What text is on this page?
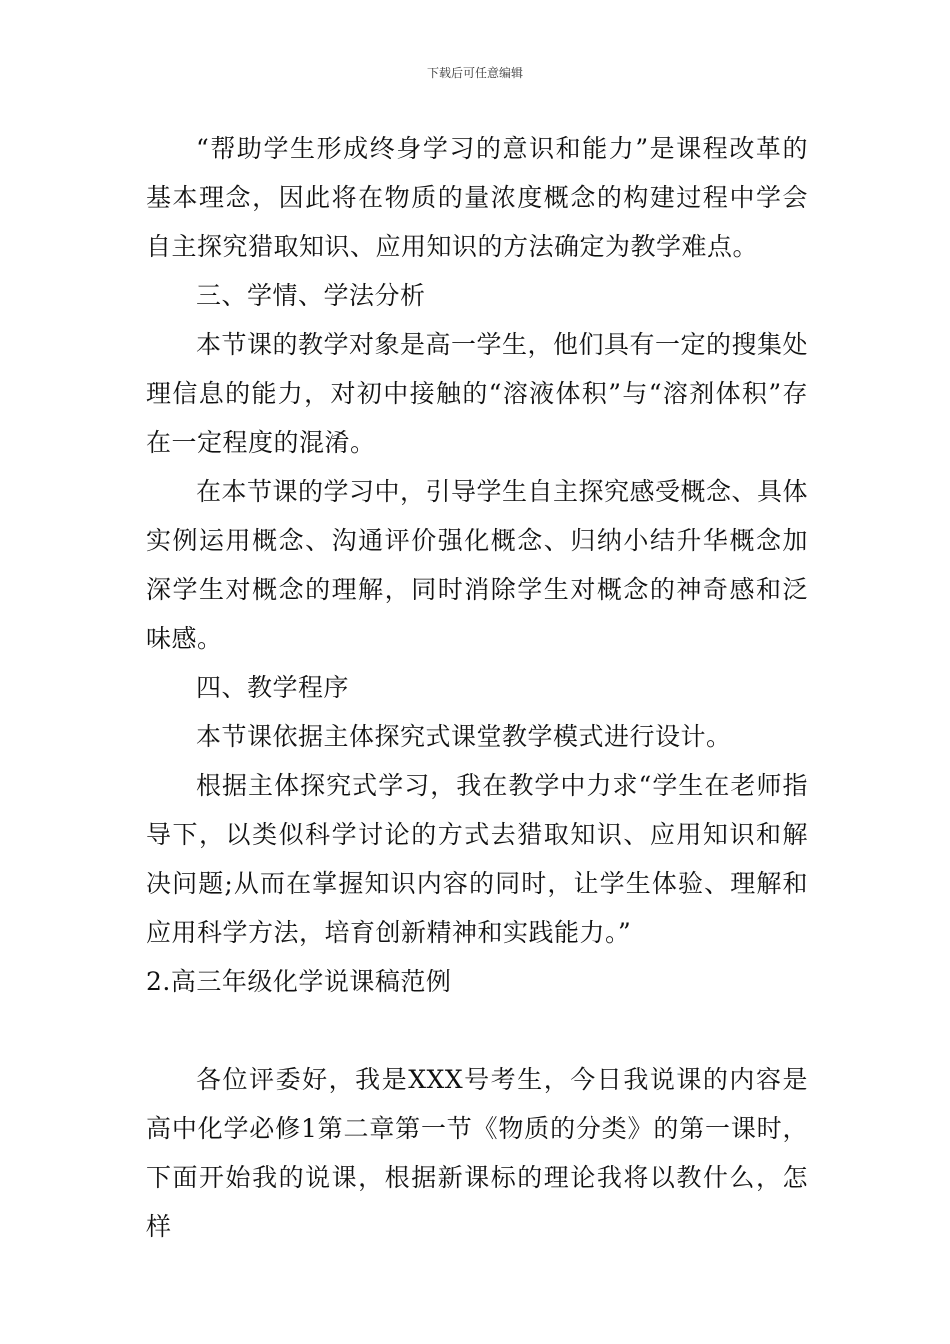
下载后可任意编辑

“帮助学生形成终身学习的意识和能力”是课程改革的基本理念，因此将在物质的量浓度概念的构建过程中学会自主探究猎取知识、应用知识的方法确定为教学难点。

三、学情、学法分析

本节课的教学对象是高一学生，他们具有一定的搜集处理信息的能力，对初中接触的“溶液体积”与“溶剂体积”存在一定程度的混淆。

在本节课的学习中，引导学生自主探究感受概念、具体实例运用概念、沟通评价强化概念、归纳小结升华概念加深学生对概念的理解，同时消除学生对概念的神奇感和泛味感。

四、教学程序

本节课依据主体探究式课堂教学模式进行设计。

根据主体探究式学习，我在教学中力求“学生在老师指导下，以类似科学讨论的方式去猎取知识、应用知识和解决问题;从而在掌握知识内容的同时，让学生体验、理解和应用科学方法，培育创新精神和实践能力。”

2.高三年级化学说课稿范例

各位评委好，我是XXX号考生，今日我说课的内容是高中化学必修1第二章第一节《物质的分类》的第一课时，下面开始我的说课，根据新课标的理论我将以教什么，怎样
